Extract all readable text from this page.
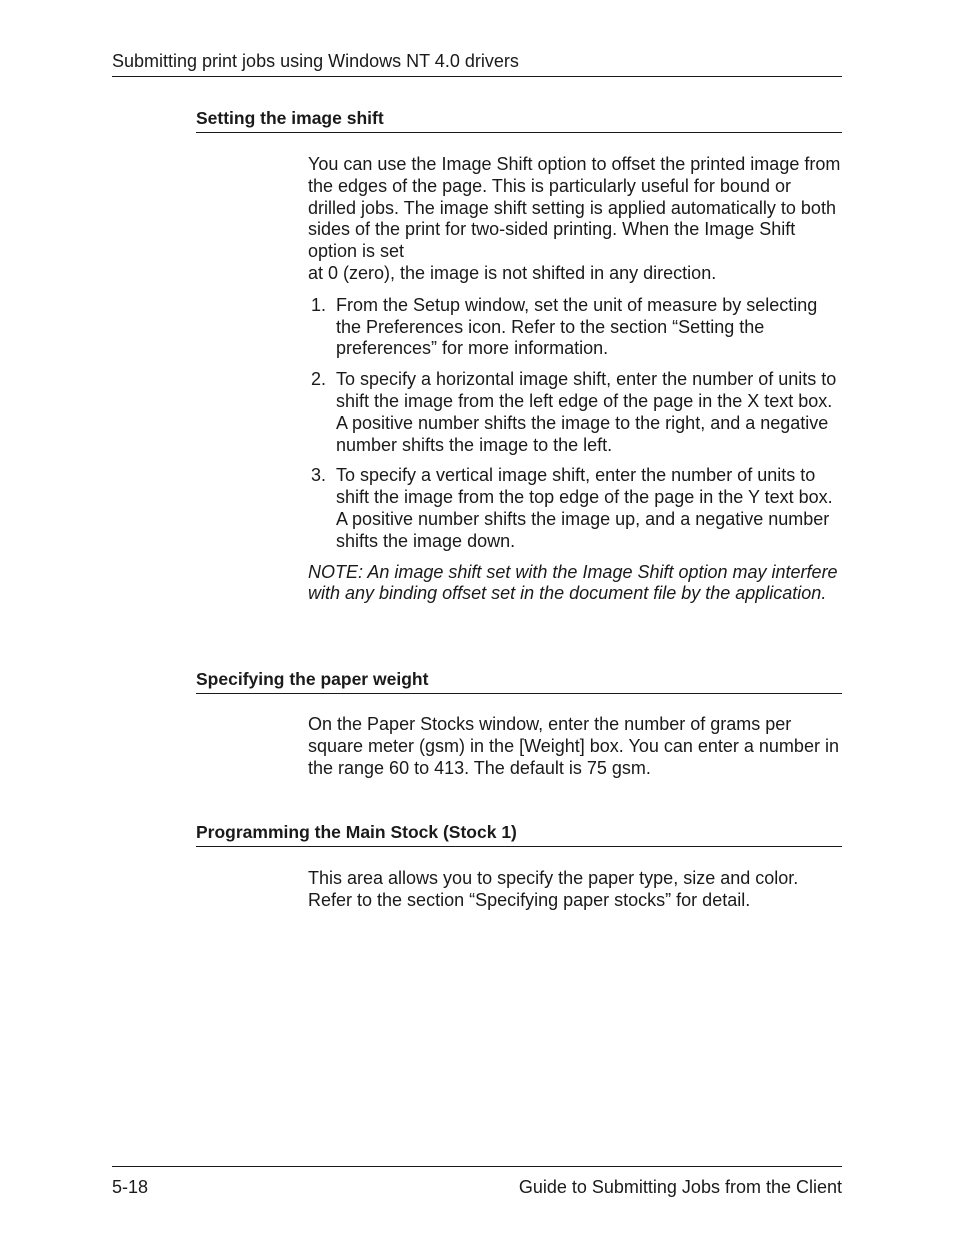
Submitting print jobs using Windows NT 4.0 drivers
Setting the image shift

You can use the Image Shift option to offset the printed image from the edges of the page. This is particularly useful for bound or drilled jobs. The image shift setting is applied automatically to both sides of the print for two-sided printing. When the Image Shift option is set

at 0 (zero), the image is not shifted in any direction.

1. From the Setup window, set the unit of measure by selecting the Preferences icon. Refer to the section “Setting the preferences” for more information.
2. To specify a horizontal image shift, enter the number of units to shift the image from the left edge of the page in the X text box. A positive number shifts the image to the right, and a negative number shifts the image to the left.
3. To specify a vertical image shift, enter the number of units to shift the image from the top edge of the page in the Y text box. A positive number shifts the image up, and a negative number shifts the image down.

NOTE: An image shift set with the Image Shift option may interfere with any binding offset set in the document file by the application.

Specifying the paper weight

On the Paper Stocks window, enter the number of grams per square meter (gsm) in the [Weight] box. You can enter a number in the range 60 to 413. The default is 75 gsm.

Programming the Main Stock (Stock 1)

This area allows you to specify the paper type, size and color. Refer to the section “Specifying paper stocks” for detail.

5-18	Guide to Submitting Jobs from the Client
